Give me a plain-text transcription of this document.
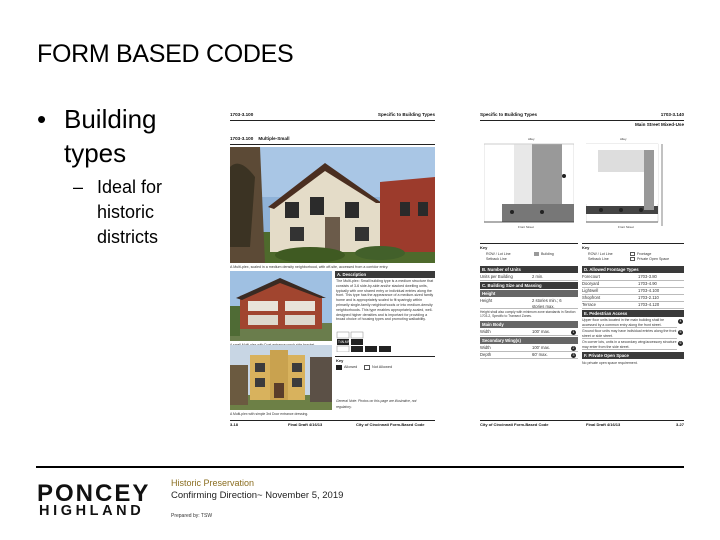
FORM BASED CODES
• Building types
– Ideal for historic districts
1703-3.100	Specific to Building Types
1703-3.100    Multiple-Small
A Multi-plex, scaled in a medium density neighborhood, with off-site, accessed from a corridor entry.
A Multi-plex with simple 3rd Door entrance dressing.
A. Description
The Multi-plex: Small building type is a medium structure that consists of 3-6 side-by-side and/or stacked dwelling units, typically with one shared entry or individual entries along the front. This type has the appearance of a medium-sized family home and is appropriately scaled to fit sparingly within primarily single-family neighborhoods or into medium-density neighborhoods. This type enables appropriately-scaled, well-designed higher densities and is important for providing a broad choice of housing types and promoting walkability.
T4N.MF
Key
Allowed	Not Allowed
General Note: Photos on this page are illustrative, not regulatory.
3-18	Final Draft 4/16/13	City of Cincinnati Form-Based Code
Specific to Building Types	1703-3.140
Main Street Mixed-Use
Alley
Front Street
Alley
Front Street
Key
ROW / Lot Line
Setback Line
Building
Key
ROW / Lot Line
Setback Line
Frontage
Private Open Space
B. Number of Units
Units per Building	2 min.
C. Building Size and Massing
Height
Height	2 stories min.; 6 stories max.
Height shall also comply with minimum zone standards in Section 1703-2, Specific to Transect Zones.
Main Body
Width	100' max.
Secondary Wing(s)
Width	100' max.
Depth	60' max.
1
2
3
D. Allowed Frontage Types
Forecourt	1703-3.80
Dooryard	1703-4.90
Lightwell	1703-4.100
Shopfront	1703-2.110
Terrace	1703-4.120
E. Pedestrian Access
Upper floor units located in the main building shall be accessed by a common entry along the front street.
Ground floor units may have individual entries along the front street or side street.
On corner lots, units in a secondary wing/accessory structure may enter from the side street.
4
5
6
F. Private Open Space
No private open space requirement.
City of Cincinnati Form-Based Code	Final Draft 4/16/13	3-27
PONCEY
HIGHLAND
Historic Preservation
Confirming Direction~ November 5, 2019
Prepared by: TSW
